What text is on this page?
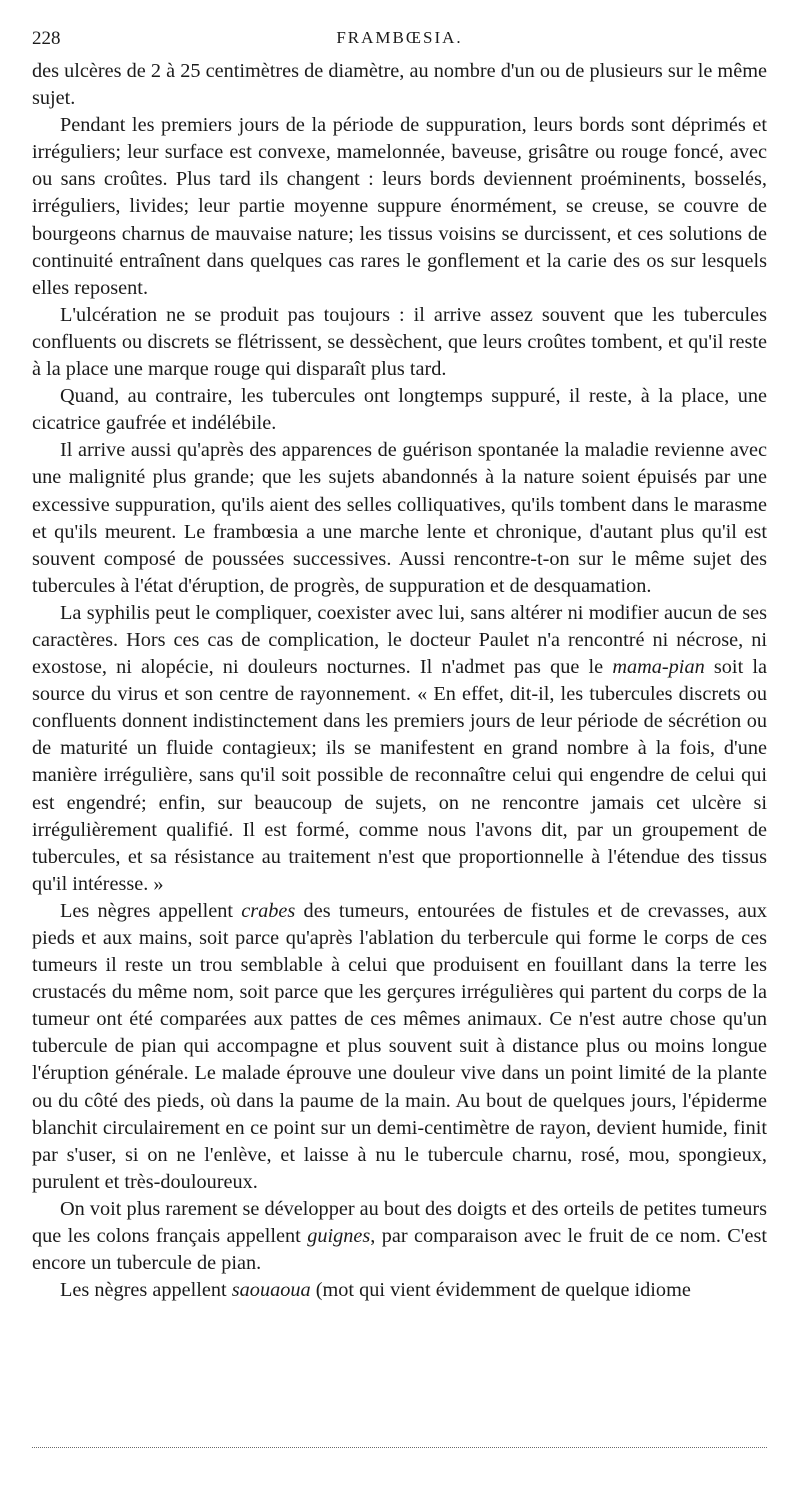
228	FRAMBŒSIA.

des ulcères de 2 à 25 centimètres de diamètre, au nombre d'un ou de plusieurs sur le même sujet.

Pendant les premiers jours de la période de suppuration, leurs bords sont déprimés et irréguliers; leur surface est convexe, mamelonnée, baveuse, grisâtre ou rouge foncé, avec ou sans croûtes. Plus tard ils changent : leurs bords deviennent proéminents, bosselés, irréguliers, livides; leur partie moyenne suppure énormément, se creuse, se couvre de bourgeons charnus de mauvaise nature; les tissus voisins se durcissent, et ces solutions de continuité entraînent dans quelques cas rares le gonflement et la carie des os sur lesquels elles reposent.

L'ulcération ne se produit pas toujours : il arrive assez souvent que les tubercules confluents ou discrets se flétrissent, se dessèchent, que leurs croûtes tombent, et qu'il reste à la place une marque rouge qui disparaît plus tard.

Quand, au contraire, les tubercules ont longtemps suppuré, il reste, à la place, une cicatrice gaufrée et indélébile.

Il arrive aussi qu'après des apparences de guérison spontanée la maladie revienne avec une malignité plus grande; que les sujets abandonnés à la nature soient épuisés par une excessive suppuration, qu'ils aient des selles colliquatives, qu'ils tombent dans le marasme et qu'ils meurent. Le frambœsia a une marche lente et chronique, d'autant plus qu'il est souvent composé de poussées successives. Aussi rencontre-t-on sur le même sujet des tubercules à l'état d'éruption, de progrès, de suppuration et de desquamation.

La syphilis peut le compliquer, coexister avec lui, sans altérer ni modifier aucun de ses caractères. Hors ces cas de complication, le docteur Paulet n'a rencontré ni nécrose, ni exostose, ni alopécie, ni douleurs nocturnes. Il n'admet pas que le mama-pian soit la source du virus et son centre de rayonnement. « En effet, dit-il, les tubercules discrets ou confluents donnent indistinctement dans les premiers jours de leur période de sécrétion ou de maturité un fluide contagieux; ils se manifestent en grand nombre à la fois, d'une manière irrégulière, sans qu'il soit possible de reconnaître celui qui engendre de celui qui est engendré; enfin, sur beaucoup de sujets, on ne rencontre jamais cet ulcère si irrégulièrement qualifié. Il est formé, comme nous l'avons dit, par un groupement de tubercules, et sa résistance au traitement n'est que proportionnelle à l'étendue des tissus qu'il intéresse. »

Les nègres appellent crabes des tumeurs, entourées de fistules et de crevasses, aux pieds et aux mains, soit parce qu'après l'ablation du terbercule qui forme le corps de ces tumeurs il reste un trou semblable à celui que produisent en fouillant dans la terre les crustacés du même nom, soit parce que les gerçures irrégulières qui partent du corps de la tumeur ont été comparées aux pattes de ces mêmes animaux. Ce n'est autre chose qu'un tubercule de pian qui accompagne et plus souvent suit à distance plus ou moins longue l'éruption générale. Le malade éprouve une douleur vive dans un point limité de la plante ou du côté des pieds, où dans la paume de la main. Au bout de quelques jours, l'épiderme blanchit circulairement en ce point sur un demi-centimètre de rayon, devient humide, finit par s'user, si on ne l'enlève, et laisse à nu le tubercule charnu, rosé, mou, spongieux, purulent et très-douloureux.

On voit plus rarement se développer au bout des doigts et des orteils de petites tumeurs que les colons français appellent guignes, par comparaison avec le fruit de ce nom. C'est encore un tubercule de pian.

Les nègres appellent saouaoua (mot qui vient évidemment de quelque idiome
